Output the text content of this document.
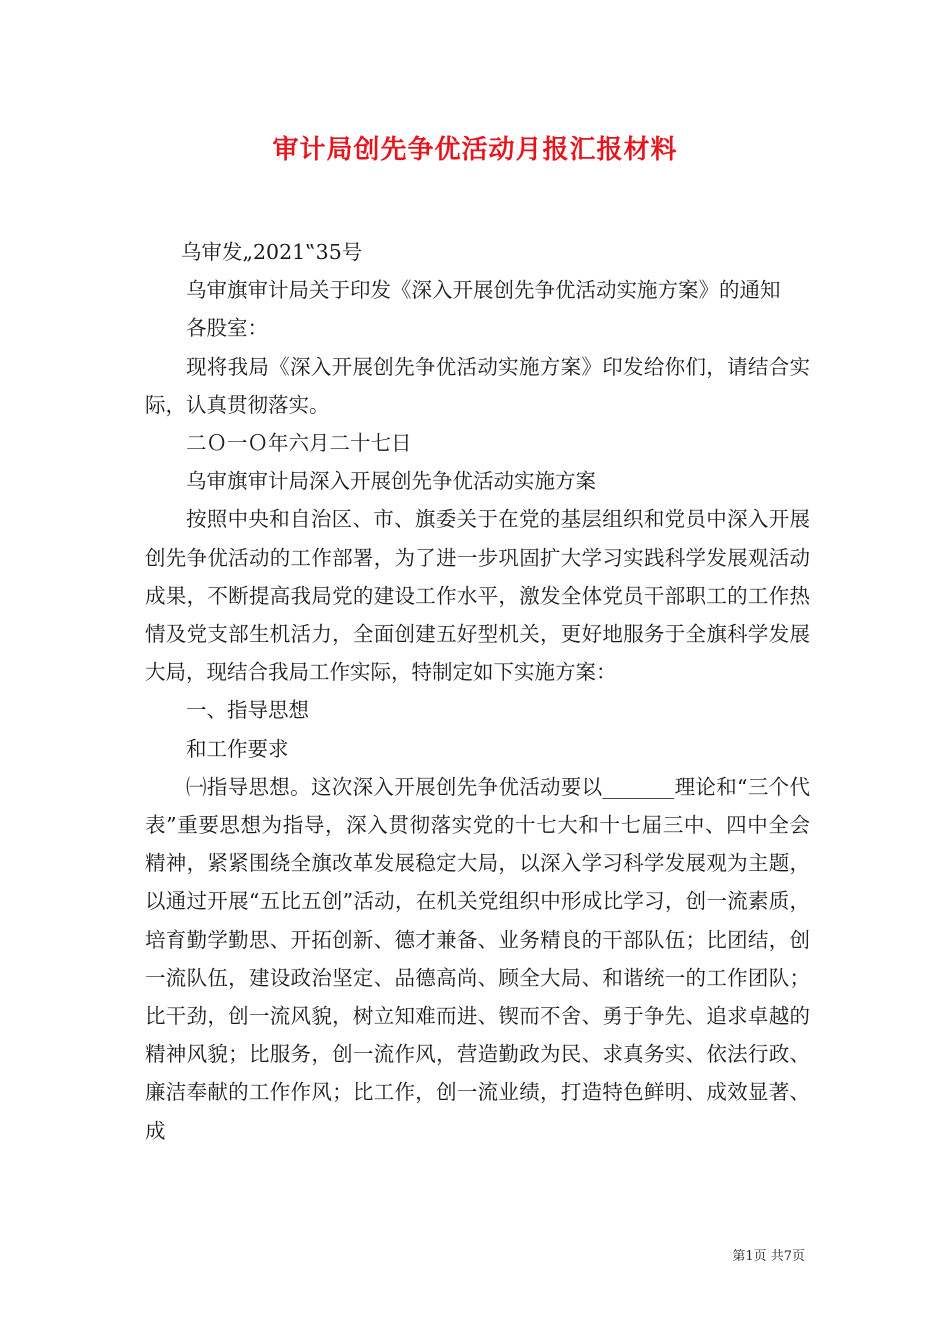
审计局创先争优活动月报汇报材料

乌审发„2021‟35号

乌审旗审计局关于印发《深入开展创先争优活动实施方案》的通知

各股室：

现将我局《深入开展创先争优活动实施方案》印发给你们，请结合实际，认真贯彻落实。

二Ｏ一Ｏ年六月二十七日

乌审旗审计局深入开展创先争优活动实施方案

按照中央和自治区、市、旗委关于在党的基层组织和党员中深入开展创先争优活动的工作部署，为了进一步巩固扩大学习实践科学发展观活动成果，不断提高我局党的建设工作水平，激发全体党员干部职工的工作热情及党支部生机活力，全面创建五好型机关，更好地服务于全旗科学发展大局，现结合我局工作实际，特制定如下实施方案：

一、指导思想

和工作要求

㈠指导思想。这次深入开展创先争优活动要以_______理论和“三个代表”重要思想为指导，深入贯彻落实党的十七大和十七届三中、四中全会精神，紧紧围绕全旗改革发展稳定大局，以深入学习科学发展观为主题，以通过开展“五比五创”活动，在机关党组织中形成比学习，创一流素质，培育勤学勤思、开拓创新、德才兼备、业务精良的干部队伍；比团结，创一流队伍，建设政治坚定、品德高尚、顾全大局、和谐统一的工作团队；比干劲，创一流风貌，树立知难而进、锲而不舍、勇于争先、追求卓越的精神风貌；比服务，创一流作风，营造勤政为民、求真务实、依法行政、廉洁奉献的工作作风；比工作，创一流业绩，打造特色鲜明、成效显著、成

第1页 共7页
